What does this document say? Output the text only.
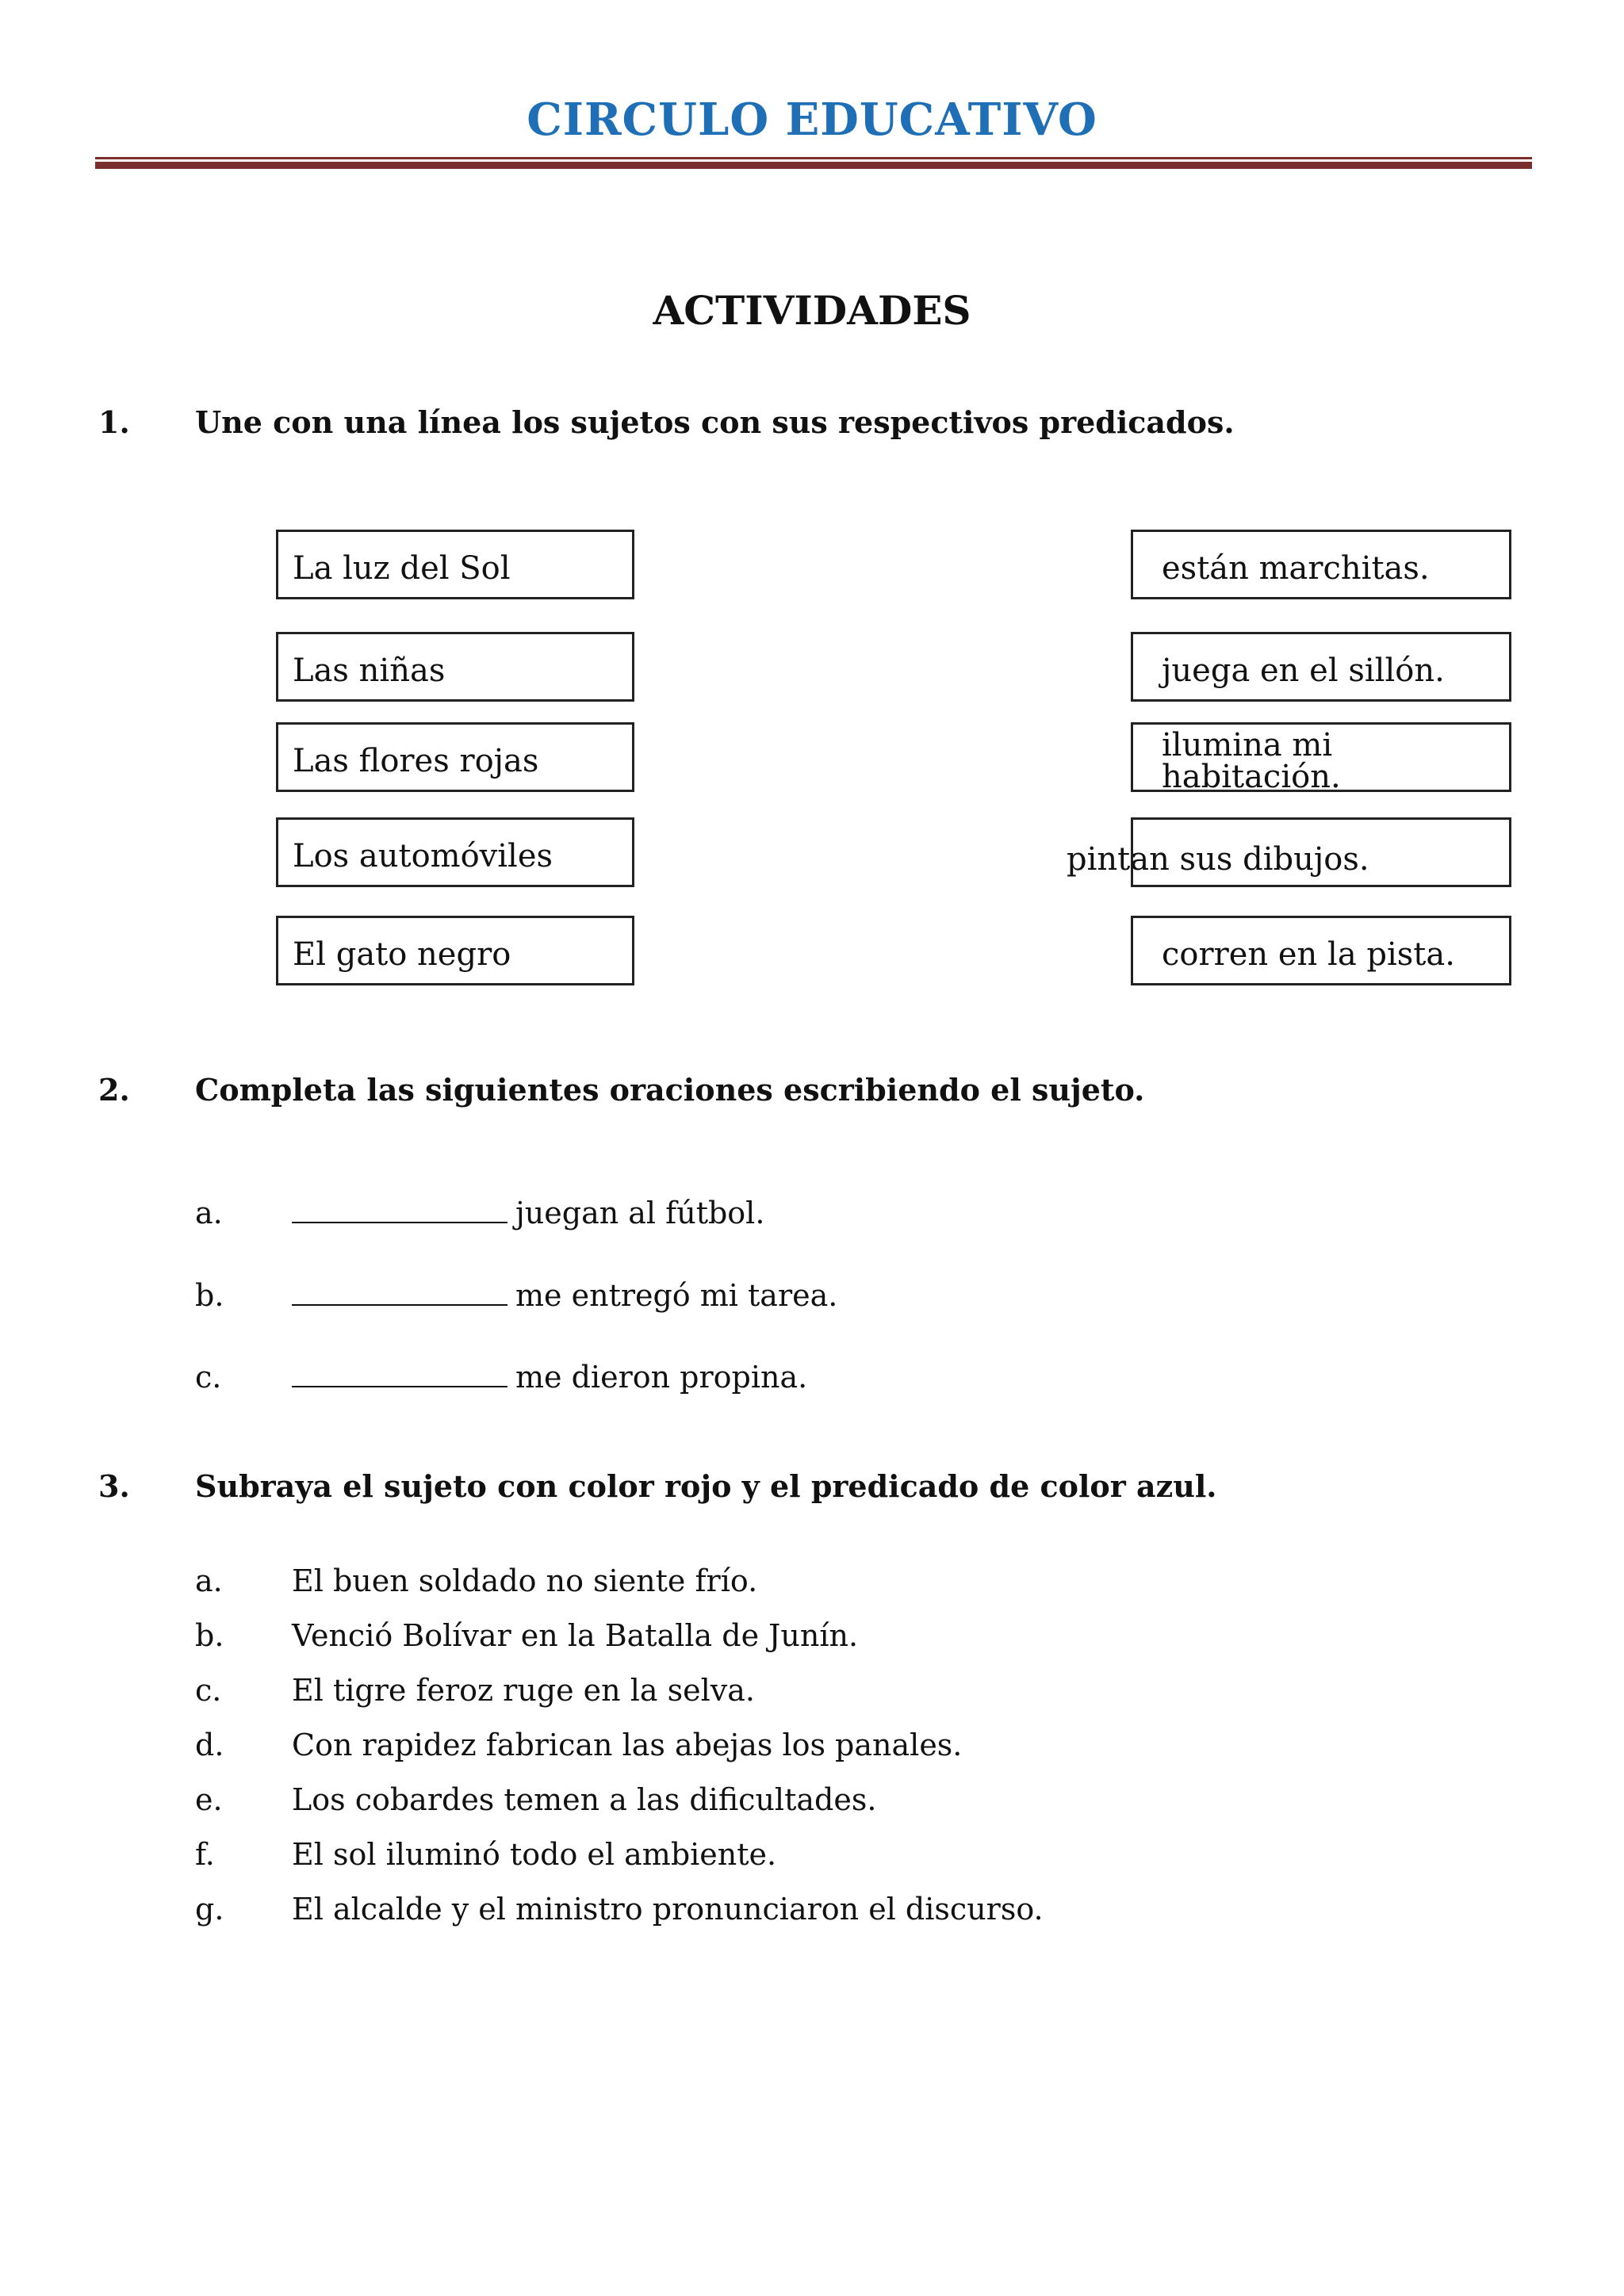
CIRCULO EDUCATIVO
ACTIVIDADES
1. Une con una línea los sujetos con sus respectivos predicados.
La luz del Sol
Las niñas
Las flores rojas
Los automóviles
El gato negro
están marchitas.
juega en el sillón.
ilumina mi habitación.
pintan sus dibujos.
corren en la pista.
2. Completa las siguientes oraciones escribiendo el sujeto.
a.	juegan al fútbol.
b.	me entregó mi tarea.
c.	me dieron propina.
3. Subraya el sujeto con color rojo y el predicado de color azul.
a. El buen soldado no siente frío.
b. Venció Bolívar en la Batalla de Junín.
c. El tigre feroz ruge en la selva.
d. Con rapidez fabrican las abejas los panales.
e. Los cobardes temen a las dificultades.
f.	El sol iluminó todo el ambiente.
g. El alcalde y el ministro pronunciaron el discurso.
